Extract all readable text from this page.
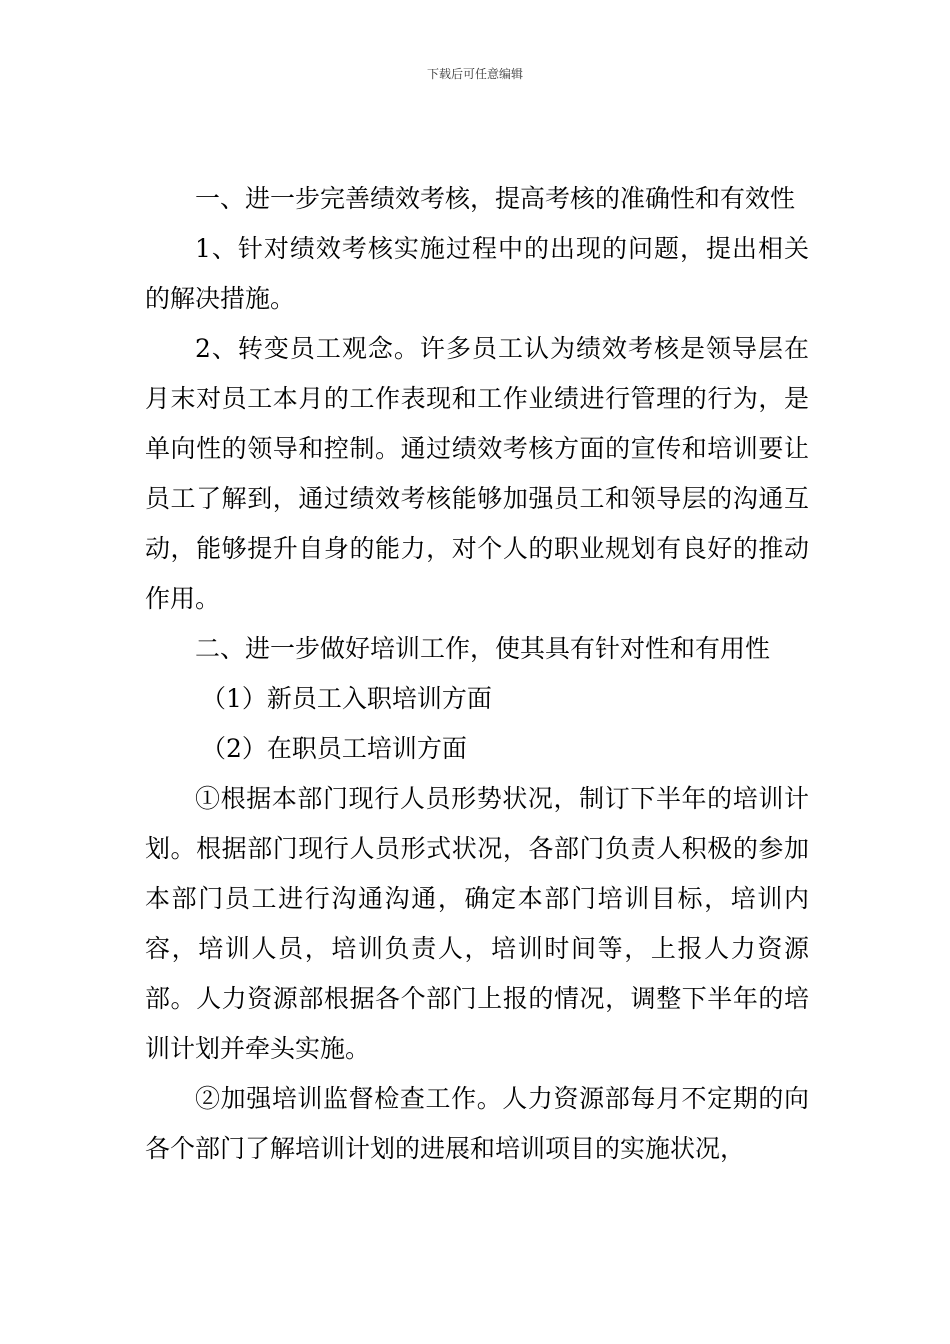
下载后可任意编辑

一、进一步完善绩效考核，提高考核的准确性和有效性

1、针对绩效考核实施过程中的出现的问题，提出相关的解决措施。

2、转变员工观念。许多员工认为绩效考核是领导层在月末对员工本月的工作表现和工作业绩进行管理的行为，是单向性的领导和控制。通过绩效考核方面的宣传和培训要让员工了解到，通过绩效考核能够加强员工和领导层的沟通互动，能够提升自身的能力，对个人的职业规划有良好的推动作用。

二、进一步做好培训工作，使其具有针对性和有用性

（1）新员工入职培训方面

（2）在职员工培训方面

①根据本部门现行人员形势状况，制订下半年的培训计划。根据部门现行人员形式状况，各部门负责人积极的参加本部门员工进行沟通沟通，确定本部门培训目标，培训内容，培训人员，培训负责人，培训时间等，上报人力资源部。人力资源部根据各个部门上报的情况，调整下半年的培训计划并牵头实施。

②加强培训监督检查工作。人力资源部每月不定期的向各个部门了解培训计划的进展和培训项目的实施状况，
